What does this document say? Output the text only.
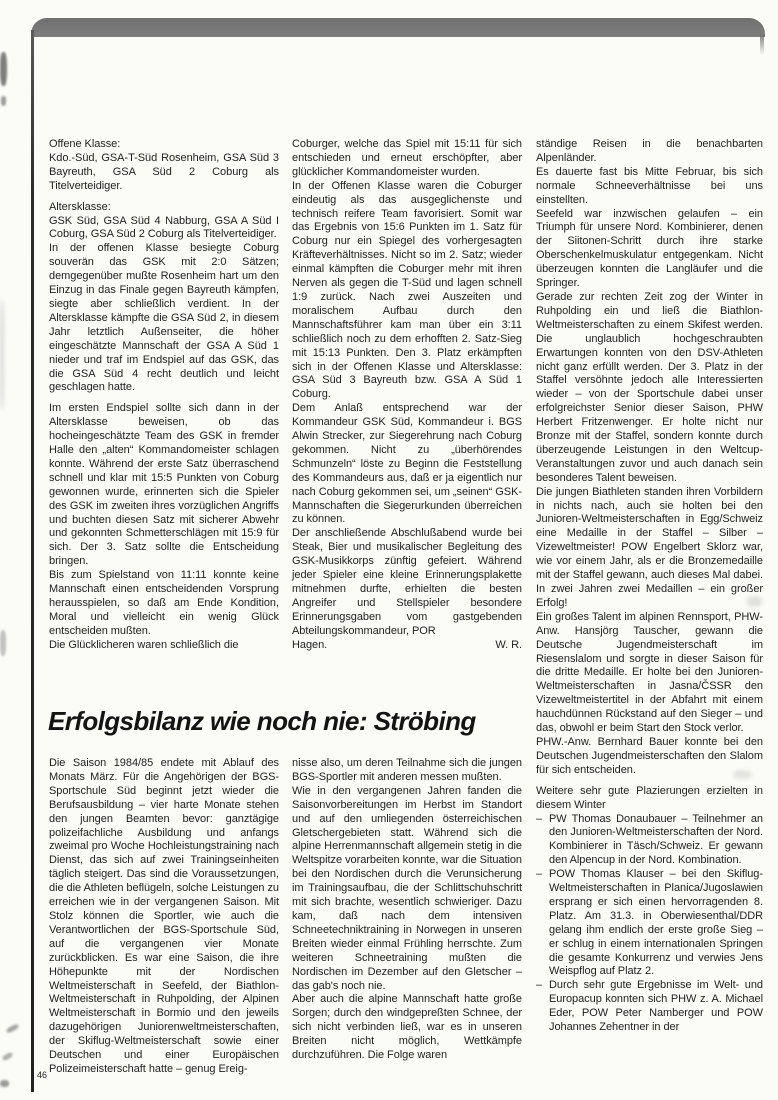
Offene Klasse:

Kdo.-Süd, GSA-T-Süd Rosenheim, GSA Süd 3 Bayreuth, GSA Süd 2 Coburg als Titelverteidiger.

Altersklasse:

GSK Süd, GSA Süd 4 Nabburg, GSA A Süd I Coburg, GSA Süd 2 Coburg als Titelverteidiger.

In der offenen Klasse besiegte Coburg souverän das GSK mit 2:0 Sätzen; demgegenüber mußte Rosenheim hart um den Einzug in das Finale gegen Bayreuth kämpfen, siegte aber schließlich verdient. In der Altersklasse kämpfte die GSA Süd 2, in diesem Jahr letztlich Außenseiter, die höher eingeschätzte Mannschaft der GSA A Süd 1 nieder und traf im Endspiel auf das GSK, das die GSA Süd 4 recht deutlich und leicht geschlagen hatte.

Im ersten Endspiel sollte sich dann in der Altersklasse beweisen, ob das hocheingeschätzte Team des GSK in fremder Halle den „alten“ Kommandomeister schlagen konnte. Während der erste Satz überraschend schnell und klar mit 15:5 Punkten von Coburg gewonnen wurde, erinnerten sich die Spieler des GSK im zweiten ihres vorzüglichen Angriffs und buchten diesen Satz mit sicherer Abwehr und gekonnten Schmetterschlägen mit 15:9 für sich. Der 3. Satz sollte die Entscheidung bringen.

Bis zum Spielstand von 11:11 konnte keine Mannschaft einen entscheidenden Vorsprung herausspielen, so daß am Ende Kondition, Moral und vielleicht ein wenig Glück entscheiden mußten.

Die Glücklicheren waren schließlich die

Coburger, welche das Spiel mit 15:11 für sich entschieden und erneut erschöpfter, aber glücklicher Kommandomeister wurden.

In der Offenen Klasse waren die Coburger eindeutig als das ausgeglichenste und technisch reifere Team favorisiert. Somit war das Ergebnis von 15:6 Punkten im 1. Satz für Coburg nur ein Spiegel des vorhergesagten Kräfteverhältnisses. Nicht so im 2. Satz; wieder einmal kämpften die Coburger mehr mit ihren Nerven als gegen die T-Süd und lagen schnell 1:9 zurück. Nach zwei Auszeiten und moralischem Aufbau durch den Mannschaftsführer kam man über ein 3:11 schließlich noch zu dem erhofften 2. Satz-Sieg mit 15:13 Punkten. Den 3. Platz erkämpften sich in der Offenen Klasse und Altersklasse: GSA Süd 3 Bayreuth bzw. GSA A Süd 1 Coburg.

Dem Anlaß entsprechend war der Kommandeur GSK Süd, Kommandeur i. BGS Alwin Strecker, zur Siegerehrung nach Coburg gekommen. Nicht zu „überhörendes Schmunzeln“ löste zu Beginn die Feststellung des Kommandeurs aus, daß er ja eigentlich nur nach Coburg gekommen sei, um „seinen“ GSK-Mannschaften die Siegerurkunden überreichen zu können.

Der anschließende Abschlußabend wurde bei Steak, Bier und musikalischer Begleitung des GSK-Musikkorps zünftig gefeiert. Während jeder Spieler eine kleine Erinnerungsplakette mitnehmen durfte, erhielten die besten Angreifer und Stellspieler besondere Erinnerungsgaben vom gastgebenden Abteilungskommandeur, POR

Hagen.	W. R.

ständige Reisen in die benachbarten Alpenländer.

Es dauerte fast bis Mitte Februar, bis sich normale Schneeverhältnisse bei uns einstellten.

Seefeld war inzwischen gelaufen – ein Triumph für unsere Nord. Kombinierer, denen der Siitonen-Schritt durch ihre starke Oberschenkelmuskulatur entgegenkam. Nicht überzeugen konnten die Langläufer und die Springer.

Gerade zur rechten Zeit zog der Winter in Ruhpolding ein und ließ die Biathlon-Weltmeisterschaften zu einem Skifest werden. Die unglaublich hochgeschraubten Erwartungen konnten von den DSV-Athleten nicht ganz erfüllt werden. Der 3. Platz in der Staffel versöhnte jedoch alle Interessierten wieder – von der Sportschule dabei unser erfolgreichster Senior dieser Saison, PHW Herbert Fritzenwenger. Er holte nicht nur Bronze mit der Staffel, sondern konnte durch überzeugende Leistungen in den Weltcup-Veranstaltungen zuvor und auch danach sein besonderes Talent beweisen.

Die jungen Biathleten standen ihren Vorbildern in nichts nach, auch sie holten bei den Junioren-Weltmeisterschaften in Egg/Schweiz eine Medaille in der Staffel – Silber – Vizeweltmeister! POW Engelbert Sklorz war, wie vor einem Jahr, als er die Bronzemedaille mit der Staffel gewann, auch dieses Mal dabei. In zwei Jahren zwei Medaillen – ein großer Erfolg!

Ein großes Talent im alpinen Rennsport, PHW-Anw. Hansjörg Tauscher, gewann die Deutsche Jugendmeisterschaft im Riesenslalom und sorgte in dieser Saison für die dritte Medaille. Er holte bei den Junioren-Weltmeisterschaften in Jasna/ČSSR den Vizeweltmeistertitel in der Abfahrt mit einem hauchdünnen Rückstand auf den Sieger – und das, obwohl er beim Start den Stock verlor.

PHW.-Anw. Bernhard Bauer konnte bei den Deutschen Jugendmeisterschaften den Slalom für sich entscheiden.

Weitere sehr gute Plazierungen erzielten in diesem Winter

– PW Thomas Donaubauer – Teilnehmer an den Junioren-Weltmeisterschaften der Nord. Kombinierer in Täsch/Schweiz. Er gewann den Alpencup in der Nord. Kombination.

– POW Thomas Klauser – bei den Skiflug-Weltmeisterschaften in Planica/Jugoslawien ersprang er sich einen hervorragenden 8. Platz. Am 31.3. in Oberwiesenthal/DDR gelang ihm endlich der erste große Sieg – er schlug in einem internationalen Springen die gesamte Konkurrenz und verwies Jens Weispflog auf Platz 2.

– Durch sehr gute Ergebnisse im Welt- und Europacup konnten sich PHW z. A. Michael Eder, POW Peter Namberger und POW Johannes Zehentner in der

Erfolgsbilanz wie noch nie: Ströbing

Die Saison 1984/85 endete mit Ablauf des Monats März. Für die Angehörigen der BGS-Sportschule Süd beginnt jetzt wieder die Berufsausbildung – vier harte Monate stehen den jungen Beamten bevor: ganztägige polizeifachliche Ausbildung und anfangs zweimal pro Woche Hochleistungstraining nach Dienst, das sich auf zwei Trainingseinheiten täglich steigert. Das sind die Voraussetzungen, die die Athleten beflügeln, solche Leistungen zu erreichen wie in der vergangenen Saison. Mit Stolz können die Sportler, wie auch die Verantwortlichen der BGS-Sportschule Süd, auf die vergangenen vier Monate zurückblicken. Es war eine Saison, die ihre Höhepunkte mit der Nordischen Weltmeisterschaft in Seefeld, der Biathlon-Weltmeisterschaft in Ruhpolding, der Alpinen Weltmeisterschaft in Bormio und den jeweils dazugehörigen Juniorenweltmeisterschaften, der Skiflug-Weltmeisterschaft sowie einer Deutschen und einer Europäischen Polizeimeisterschaft hatte – genug Ereig-

nisse also, um deren Teilnahme sich die jungen BGS-Sportler mit anderen messen mußten.

Wie in den vergangenen Jahren fanden die Saisonvorbereitungen im Herbst im Standort und auf den umliegenden österreichischen Gletschergebieten statt. Während sich die alpine Herrenmannschaft allgemein stetig in die Weltspitze vorarbeiten konnte, war die Situation bei den Nordischen durch die Verunsicherung im Trainingsaufbau, die der Schlittschuhschritt mit sich brachte, wesentlich schwieriger. Dazu kam, daß nach dem intensiven Schneetechniktraining in Norwegen in unseren Breiten wieder einmal Frühling herrschte. Zum weiteren Schneetraining mußten die Nordischen im Dezember auf den Gletscher – das gab's noch nie.

Aber auch die alpine Mannschaft hatte große Sorgen; durch den windgepreßten Schnee, der sich nicht verbinden ließ, war es in unseren Breiten nicht möglich, Wettkämpfe durchzuführen. Die Folge waren

46
